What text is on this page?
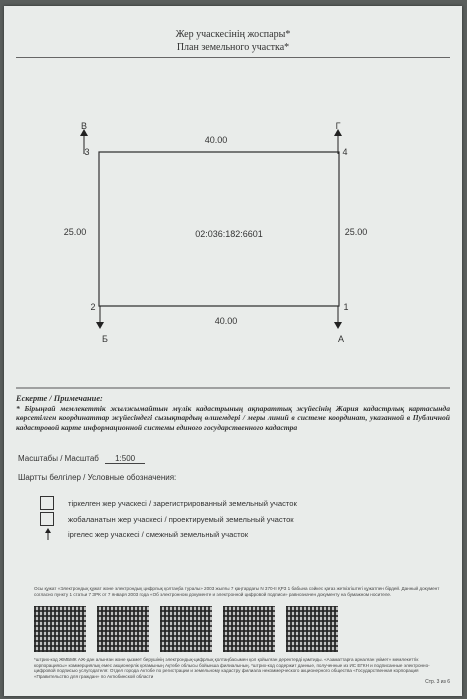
Жер учаскесінің жоспары*
План земельного участка*
В	Г
Б	А
3	4
2	1
40.00
40.00
25.00	25.00
02:036:182:6601
Ескерте / Примечание:
* Бірыңғай мемлекеттік жылжымайтын мүлік кадастрының ақпараттық жүйесінің Жария кадастрлық картасында көрсетілген координаттар жүйесіндегі сызықтардың өлшемдері / меры линий в системе координат, указанной в Публичной кадастровой карте информационной системы единого государственного кадастра
Масштабы / Масштаб 1:500
Шартты белгілер / Условные обозначения:
тіркелген жер учаскесі / зарегистрированный земельный участок
жобаланатын жер учаскесі / проектируемый земельный участок
іргелес жер учаскесі / смежный земельный участок
Осы құжат «Электрондық құжат және электрондық цифрлық қолтаңба туралы» 2003 жылғы 7 қаңтардағы N 370-II ҚРЗ 1 бабына сәйкес қағаз жеткізгіштегі құжатпен бірдей. Данный документ согласно пункту 1 статьи 7 ЗРК от 7 января 2003 года «Об электронном документе и электронной цифровой подписи» равнозначен документу на бумажном носителе.
*штрих-код ЖМБМК АЖ-дан алынған және қызмет берушінің электрондық-цифрлық қолтаңбасымен қол қойылған деректерді қамтиды. «Азаматтарға арналған үкімет» мемлекеттік корпорациясы» коммерциялық емес акционерлік қоғамының Ақтөбе облысы бойынша филиалының. *штрих-код содержит данные, полученные из ИС ЕГКН и подписанные электронно-цифровой подписью услугодателя: Отдел города Актобе по регистрации и земельному кадастру филиала некоммерческого акционерного общества «Государственная корпорация «Правительство для граждан» по Актюбинской области
Стр. 3 из 6
